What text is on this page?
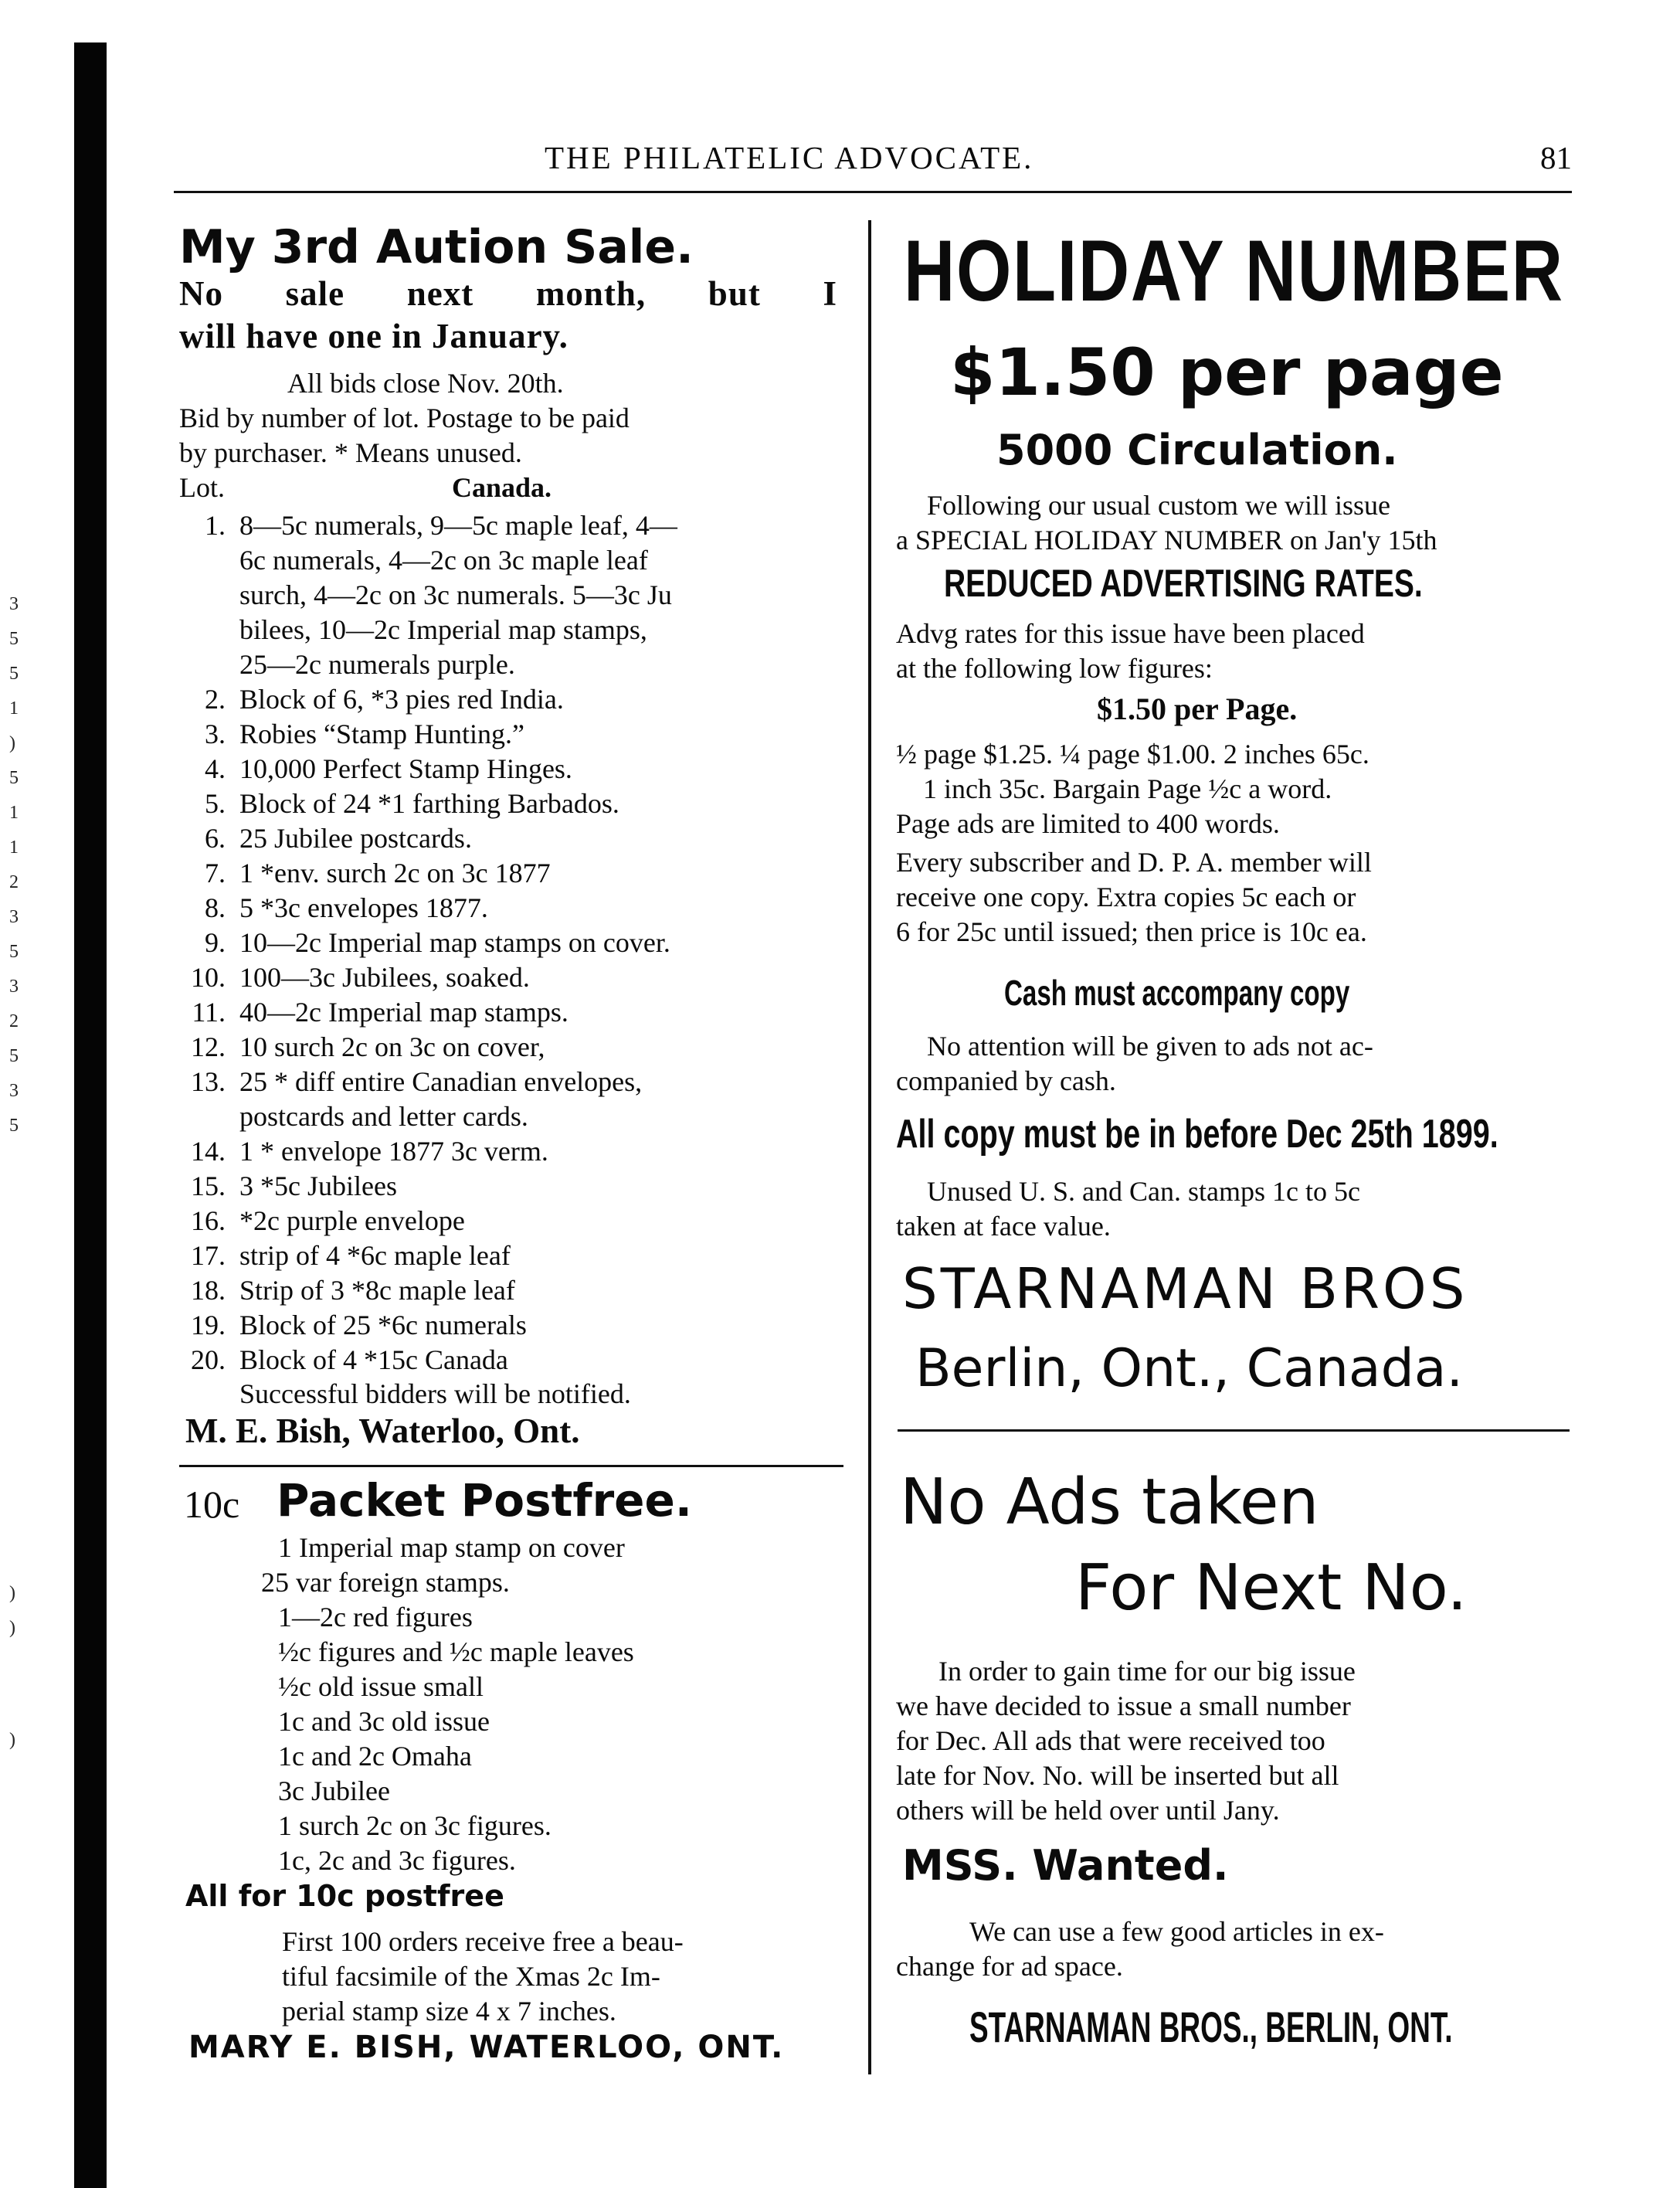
3
5
5
1
)
5
1
1
2
3
5
3
2
5
3
5
)
)
)
THE PHILATELIC ADVOCATE.	81
My 3rd Aution Sale.
No sale next month, but I
will have one in January.
All bids close Nov. 20th.
Bid by number of lot. Postage to be paid
by purchaser. * Means unused.
Lot.	Canada.
1. 8—5c numerals, 9—5c maple leaf, 4—
6c numerals, 4—2c on 3c maple leaf
surch, 4—2c on 3c numerals. 5—3c Ju
bilees, 10—2c Imperial map stamps,
25—2c numerals purple.
2. Block of 6, *3 pies red India.
3. Robies “Stamp Hunting.”
4. 10,000 Perfect Stamp Hinges.
5. Block of 24 *1 farthing Barbados.
6. 25 Jubilee postcards.
7. 1 *env. surch 2c on 3c 1877
8. 5 *3c envelopes 1877.
9. 10—2c Imperial map stamps on cover.
10. 100—3c Jubilees, soaked.
11. 40—2c Imperial map stamps.
12. 10 surch 2c on 3c on cover,
13. 25 * diff entire Canadian envelopes,
postcards and letter cards.
14. 1 * envelope 1877 3c verm.
15. 3 *5c Jubilees
16. *2c purple envelope
17. strip of 4 *6c maple leaf
18. Strip of 3 *8c maple leaf
19. Block of 25 *6c numerals
20. Block of 4 *15c Canada
Successful bidders will be notified.
M. E. Bish, Waterloo, Ont.
10c Packet Postfree.
1 Imperial map stamp on cover
25 var foreign stamps.
1—2c red figures
½c figures and ½c maple leaves
½c old issue small
1c and 3c old issue
1c and 2c Omaha
3c Jubilee
1 surch 2c on 3c figures.
1c, 2c and 3c figures.
All for 10c postfree
First 100 orders receive free a beau-
tiful facsimile of the Xmas 2c Im-
perial stamp size 4 x 7 inches.
MARY E. BISH, WATERLOO, ONT.
HOLIDAY NUMBER
$1.50 per page
5000 Circulation.
Following our usual custom we will issue
a SPECIAL HOLIDAY NUMBER on Jan'y 15th
REDUCED ADVERTISING RATES.
Advg rates for this issue have been placed
at the following low figures:
$1.50 per Page.
½ page $1.25. ¼ page $1.00. 2 inches 65c.
1 inch 35c. Bargain Page ½c a word.
Page ads are limited to 400 words.
Every subscriber and D. P. A. member will
receive one copy. Extra copies 5c each or
6 for 25c until issued; then price is 10c ea.
Cash must accompany copy
No attention will be given to ads not ac-
companied by cash.
All copy must be in before Dec 25th 1899.
Unused U. S. and Can. stamps 1c to 5c
taken at face value.
STARNAMAN BROS
Berlin, Ont., Canada.
No Ads taken
For Next No.
In order to gain time for our big issue
we have decided to issue a small number
for Dec. All ads that were received too
late for Nov. No. will be inserted but all
others will be held over until Jany.
MSS. Wanted.
We can use a few good articles in ex-
change for ad space.
STARNAMAN BROS., BERLIN, ONT.
